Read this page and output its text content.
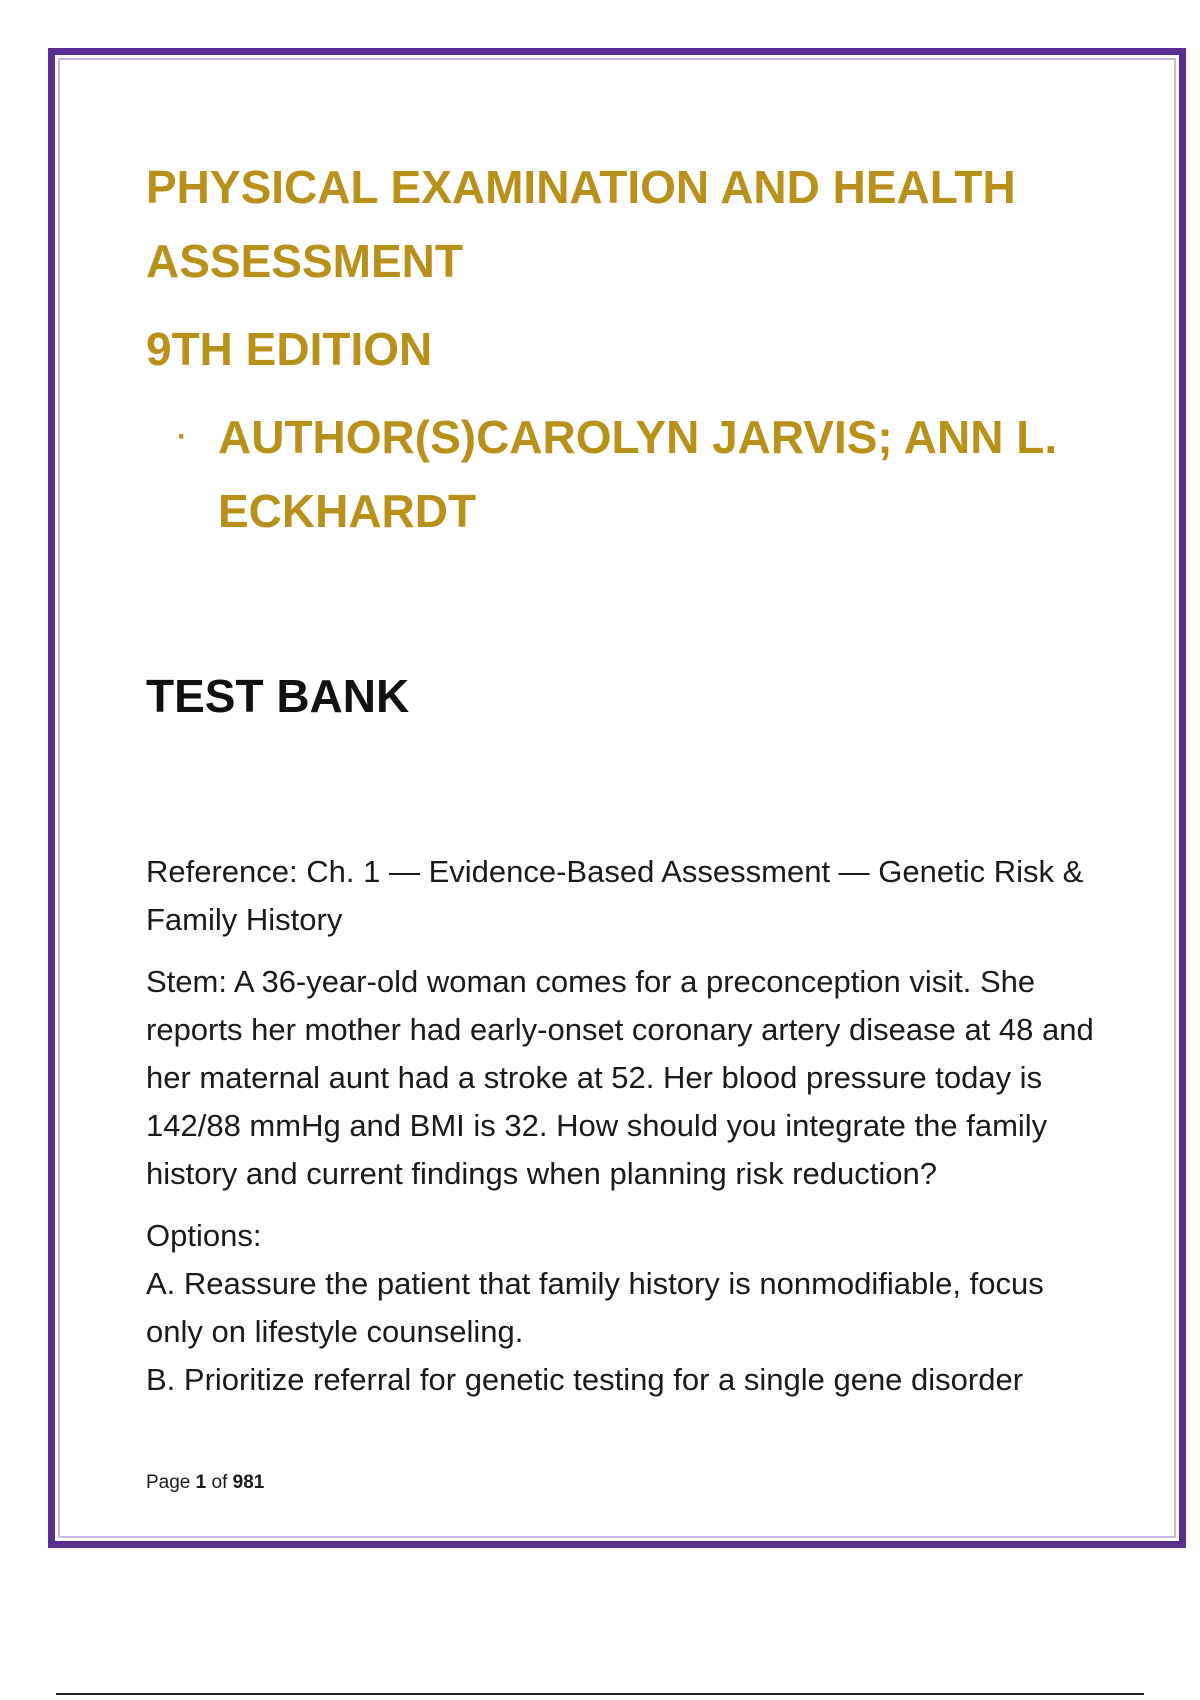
PHYSICAL EXAMINATION AND HEALTH ASSESSMENT
9TH EDITION
· AUTHOR(S)CAROLYN JARVIS; ANN L. ECKHARDT
TEST BANK

Reference: Ch. 1 — Evidence-Based Assessment — Genetic Risk & Family History

Stem: A 36-year-old woman comes for a preconception visit. She reports her mother had early-onset coronary artery disease at 48 and her maternal aunt had a stroke at 52. Her blood pressure today is 142/88 mmHg and BMI is 32. How should you integrate the family history and current findings when planning risk reduction?

Options:

A. Reassure the patient that family history is nonmodifiable, focus only on lifestyle counseling.

B. Prioritize referral for genetic testing for a single gene disorder

Page 1 of 981
